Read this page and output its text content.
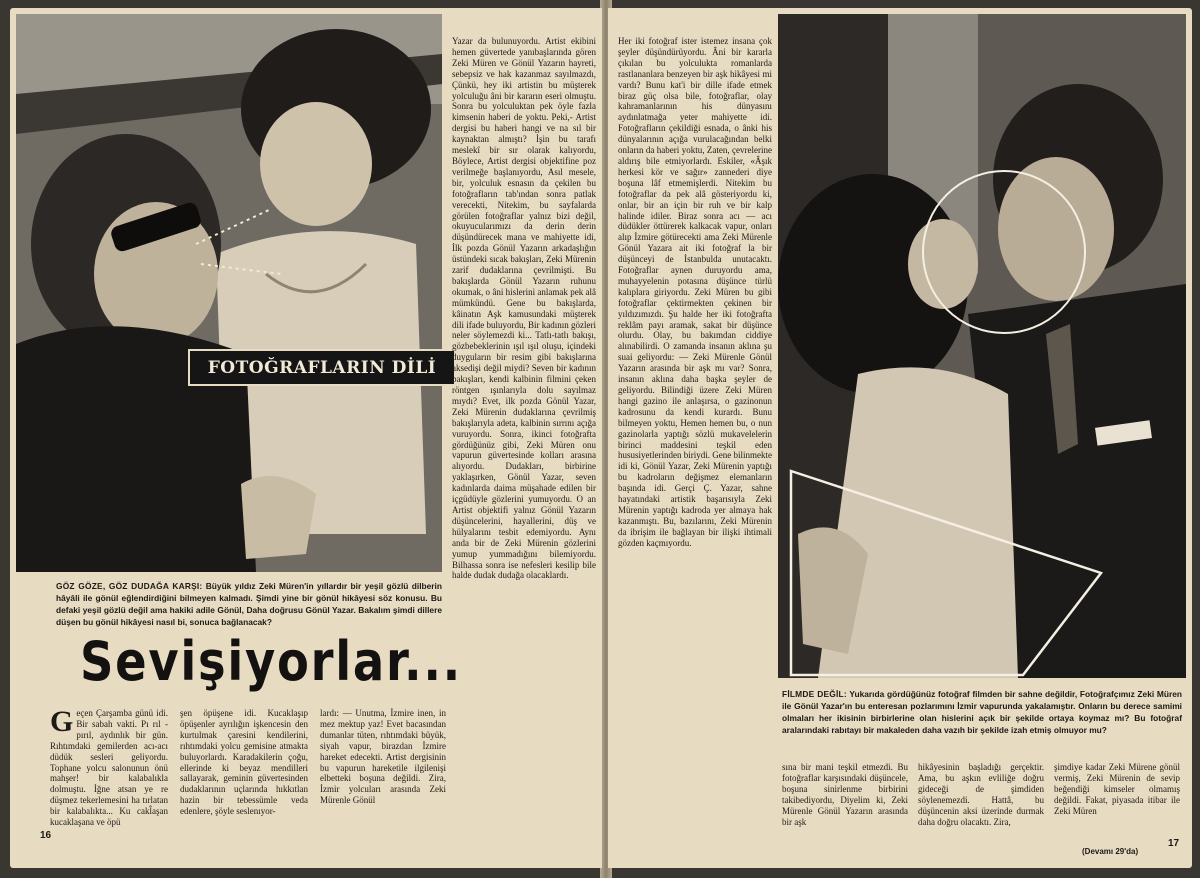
FOTOĞRAFLARIN DİLİ

Yazar da bulunuyordu. Artist ekibini hemen güvertede yanıbaşlarında gören Zeki Müren ve Gönül Yazarın hayreti, sebepsiz ve hak kazanmaz sayılmazdı, Çünkü, hey iki artistin bu müşterek yolculuğu âni bir kararın eseri olmuştu. Sonra bu yolculuktan pek öyle fazla kimsenin haberi de yoktu. Peki,- Artist dergisi bu haberi hangi ve na sıl bir kaynaktan almıştı? İşin bu tarafı meslekî bir sır olarak kalıyordu, Böylece, Artist dergisi objektifine poz verilmeğe başlanıyordu, Asıl mesele, bir, yolculuk esnasın da çekilen bu fotoğrafların tab'ından sonra patlak verecekti, Nitekim, bu sayfalarda görülen fotoğraflar yalnız bizi değil, okuyucularımızı da derin derin düşündürecek mana ve mahiyette idi, İlk pozda Gönül Yazarın arkadaşlığın üstündeki sıcak bakışları, Zeki Mürenin zarif dudaklarına çevrilmişti. Bu bakışlarda Gönül Yazarın ruhunu okumak, o âni hislerini anlamak pek alâ mümkündü. Gene bu bakışlarda, kâinatın Aşk kamusundaki müşterek dili ifade buluyordu, Bir kadının gözleri neler söylemezdi ki... Tatlı-tatlı bakışı, gözbebeklerinin ışıl ışıl oluşu, içindeki duyguların bir resim gibi bakışlarına aksedişi değil miydi? Seven bir kadının bakışları, kendi kalbinin filmini çeken röntgen ışınlarıyla dolu sayılmaz mıydı? Evet, ilk pozda Gönül Yazar, Zeki Mürenin dudaklarına çevrilmiş bakışlarıyla adeta, kalbinin sırrını açığa vuruyordu. Sonra, ikinci fotoğrafta gördüğünüz gibi, Zeki Müren onu vapurun güvertesinde kolları arasına alıyordu. Dudakları, birbirine yaklaşırken, Gönül Yazar, seven kadınlarda daima müşahade edilen bir içgüdüyle gözlerini yumuyordu. O an Artist objektifi yalnız Gönül Yazarın düşüncelerini, hayallerini, düş ve hülyalarını tesbit edemiyordu. Aynı anda bir de Zeki Mürenin gözlerini yumup yummadığını bilemiyordu. Bilhassa sonra ise nefesleri kesilip bile halde dudak dudağa olacaklardı.

GÖZ GÖZE, GÖZ DUDAĞA KARŞI: Büyük yıldız Zeki Müren'in yıllardır bir yeşil gözlü dilberin hâyâli ile gönül eğlendirdiğini bilmeyen kalmadı. Şimdi yine bir gönül hikâyesi söz konusu. Bu defaki yeşil gözlü değil ama hakiki adile Gönül, Daha doğrusu Gönül Yazar. Bakalım şimdi dillere düşen bu gönül hikâyesi nasıl bi, sonuca bağlanacak?
Sevişiyorlar...
Geçen Çarşamba günü idi. Bir sabah vakti. Pı rıl - pırıl, aydınlık bir gün. Rıhtımdaki gemilerden acı-acı düdük sesleri geliyordu. Tophane yolcu salonunun önü mahşer! bir kalabalıkla dolmuştu. İğne atsan ye re düşmez tekerlemesini ha tırlatan bir kalabalıkta... Ku cakl̂aşan kucaklaşana ve öpü

şen öpüşene idi. Kucaklaşıp öpüşenler ayrılığın işkencesin den kurtulmak çaresini kendilerini, rıhtımdaki yolcu gemisine atmakta buluyorlardı. Karadakilerin çoğu, ellerinde ki beyaz mendilleri sallayarak, geminin güvertesinden dudaklarının uçlarında hıkkıtlan hazin bir tebessümle veda edenlere, şöyle seslenıyor-

lardı: — Unutma, İzmire inen, in mez mektup yaz! Evet bacasından dumanlar tüten, rıhtımdaki büyük, siyah vapur, birazdan İzmire hareket edecekti. Artist dergisinin bu vapurun hareketile ilgilenişi elbetteki boşuna değildi. Zira, İzmir yolcuları arasında Zeki Mürenle Gönül

16

Her iki fotoğraf ister istemez insana çok şeyler düşündürüyordu. Âni bir kararla çıkılan bu yolculukta romanlarda rastlananlara benzeyen bir aşk hikâyesi mi vardı? Bunu kat'i bir dille ifade etmek biraz güç olsa bile, fotoğraflar, olay kahramanlarının his dünyasını aydınlatmağa yeter mahiyette idi. Fotoğrafların çekildiği esnada, o ânki his dünyalarının açığa vurulacağından belki onların da haberi yoktu, Zaten, çevrelerine aldırış bile etmiyorlardı. Eskiler, «Âşık herkesi kör ve sağır» zannederi diye boşuna lâf etmemişlerdi. Nitekim bu fotoğraflar da pek alâ gösteriyordu ki, onlar, bir an için bir ruh ve bir kalp halinde idiler. Biraz sonra acı — acı düdükler öttürerek kalkacak vapur, onları alıp İzmire götürecekti ama Zeki Mürenle Gönül Yazara ait iki fotoğraf la bir düşünceyi de İstanbulda unutacaktı. Fotoğraflar aynen duruyordu ama, muhayyelenin potasına düşünce türlü kalıplara giriyordu. Zeki Müren bu gibi fotoğraflar çektirmekten çekinen bir yıldızımızdı. Şu halde her iki fotoğrafta reklâm payı aramak, sakat bir düşünce olurdu. Olay, bu bakımdan ciddiye alınabilirdi. O zamanda insanın aklına şu suai geliyordu: — Zeki Mürenle Gönül Yazarın arasında bir aşk mı var? Sonra, insanın aklına daha başka şeyler de geliyordu. Bilindiği üzere Zeki Müren hangi gazino ile anlaşırsa, o gazinonun kadrosunu da kendi kurardı. Bunu bilmeyen yoktu, Hemen hemen bu, o nun gazinolarla yaptığı sözlü mukavelelerin birinci maddesini teşkil eden hususiyetlerinden biriydi. Gene bilinmekte idi ki, Gönül Yazar, Zeki Mürenin yaptığı bu kadroların değişmez elemanların başında idi. Gerçi Ç. Yazar, sahne hayatındaki artistik başarısıyla Zeki Mürenin yaptığı kadroda yer almaya hak kazanmıştı. Bu, bazılarını, Zeki Mürenin da ibrişim ile bağlayan bir ilişki ihtimali gözden kaçmıyordu.

FİLMDE DEĞİL: Yukarıda gördüğünüz fotoğraf filmden bir sahne değildir, Fotoğrafçımız Zeki Müren ile Gönül Yazar'ın bu enteresan pozlarımını İzmir vapurunda yakalamıştır. Onların bu derece samimi olmaları her ikisinin birbirlerine olan hislerini açık bir şekilde ortaya koymaz mı? Bu fotoğraf aralarındaki rabıtayı bir makaleden daha vazıh bir şekilde izah etmiş olmuyor mu?

sına bir mani teşkil etmezdi. Bu fotoğraflar karşısındaki düşüncele, boşuna sinirlenme birbirini takibediyordu, Diyelim ki, Zeki Mürenle Gönül Yazarın arasında bir aşk

hikâyesinin başladığı gerçektir. Ama, bu aşkın evliliğe doğru gideceği de şimdiden söylenemezdi. Hattâ, bu düşüncenin aksi üzerinde durmak daha doğru olacaktı. Zira,

şimdiye kadar Zeki Mürene gönül vermiş, Zeki Mürenin de sevip beğendiği kimseler olmamış değildi. Fakat, piyasada itibar ile Zeki Müren

(Devamı 29'da)
17
